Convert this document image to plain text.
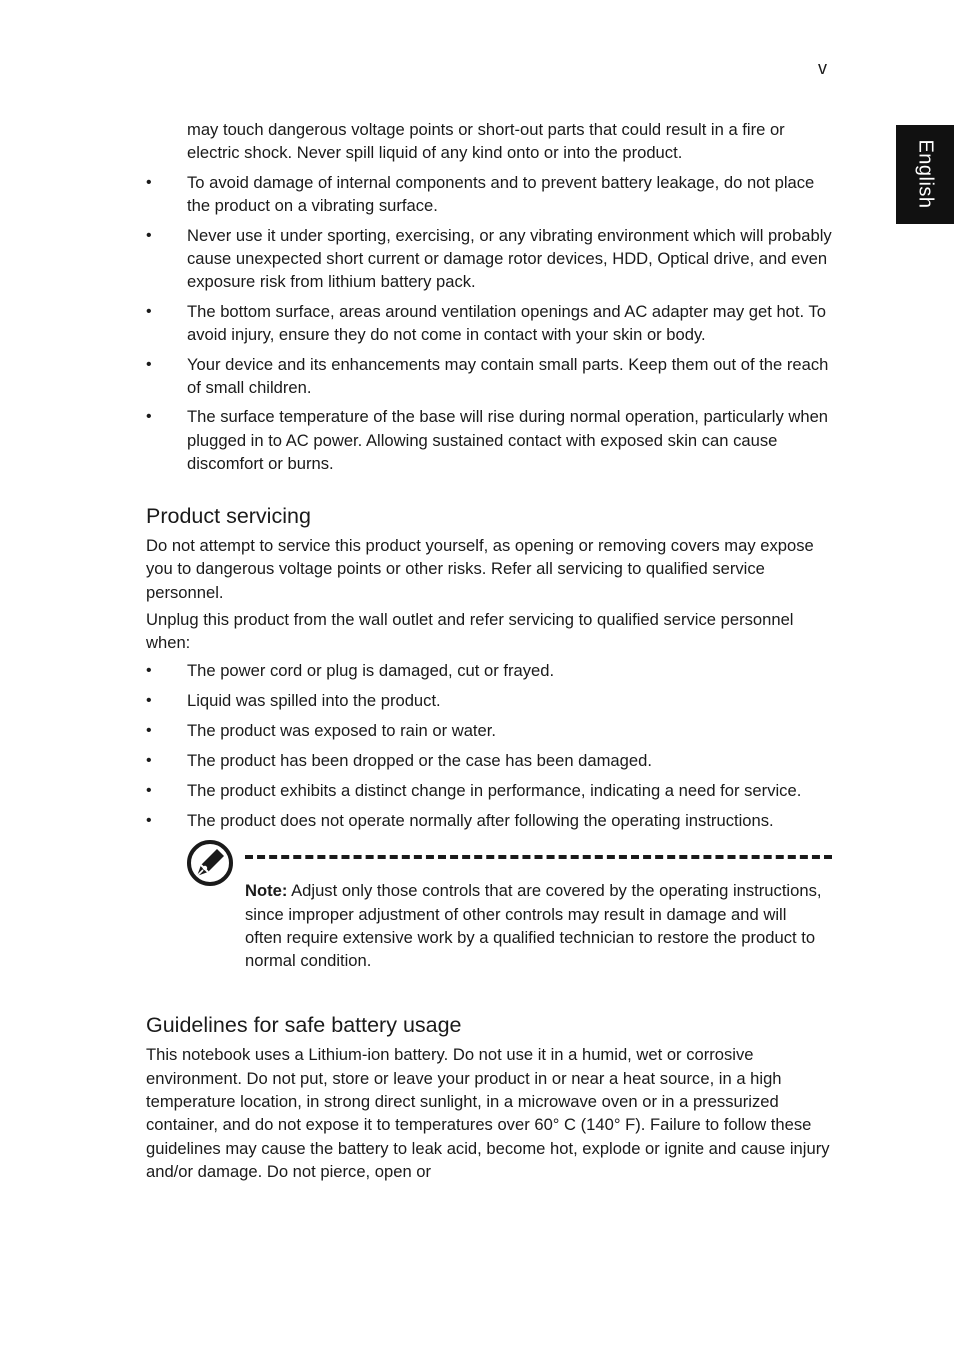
v
English

may touch dangerous voltage points or short-out parts that could result in a fire or electric shock. Never spill liquid of any kind onto or into the product.

• To avoid damage of internal components and to prevent battery leakage, do not place the product on a vibrating surface.
• Never use it under sporting, exercising, or any vibrating environment which will probably cause unexpected short current or damage rotor devices, HDD, Optical drive, and even exposure risk from lithium battery pack.
• The bottom surface, areas around ventilation openings and AC adapter may get hot. To avoid injury, ensure they do not come in contact with your skin or body.
• Your device and its enhancements may contain small parts. Keep them out of the reach of small children.
• The surface temperature of the base will rise during normal operation, particularly when plugged in to AC power. Allowing sustained contact with exposed skin can cause discomfort or burns.
Product servicing

Do not attempt to service this product yourself, as opening or removing covers may expose you to dangerous voltage points or other risks. Refer all servicing to qualified service personnel.

Unplug this product from the wall outlet and refer servicing to qualified service personnel when:

• The power cord or plug is damaged, cut or frayed.
• Liquid was spilled into the product.
• The product was exposed to rain or water.
• The product has been dropped or the case has been damaged.
• The product exhibits a distinct change in performance, indicating a need for service.
• The product does not operate normally after following the operating instructions.
Note: Adjust only those controls that are covered by the operating instructions, since improper adjustment of other controls may result in damage and will often require extensive work by a qualified technician to restore the product to normal condition.
Guidelines for safe battery usage

This notebook uses a Lithium-ion battery. Do not use it in a humid, wet or corrosive environment. Do not put, store or leave your product in or near a heat source, in a high temperature location, in strong direct sunlight, in a microwave oven or in a pressurized container, and do not expose it to temperatures over 60° C (140° F). Failure to follow these guidelines may cause the battery to leak acid, become hot, explode or ignite and cause injury and/or damage. Do not pierce, open or
